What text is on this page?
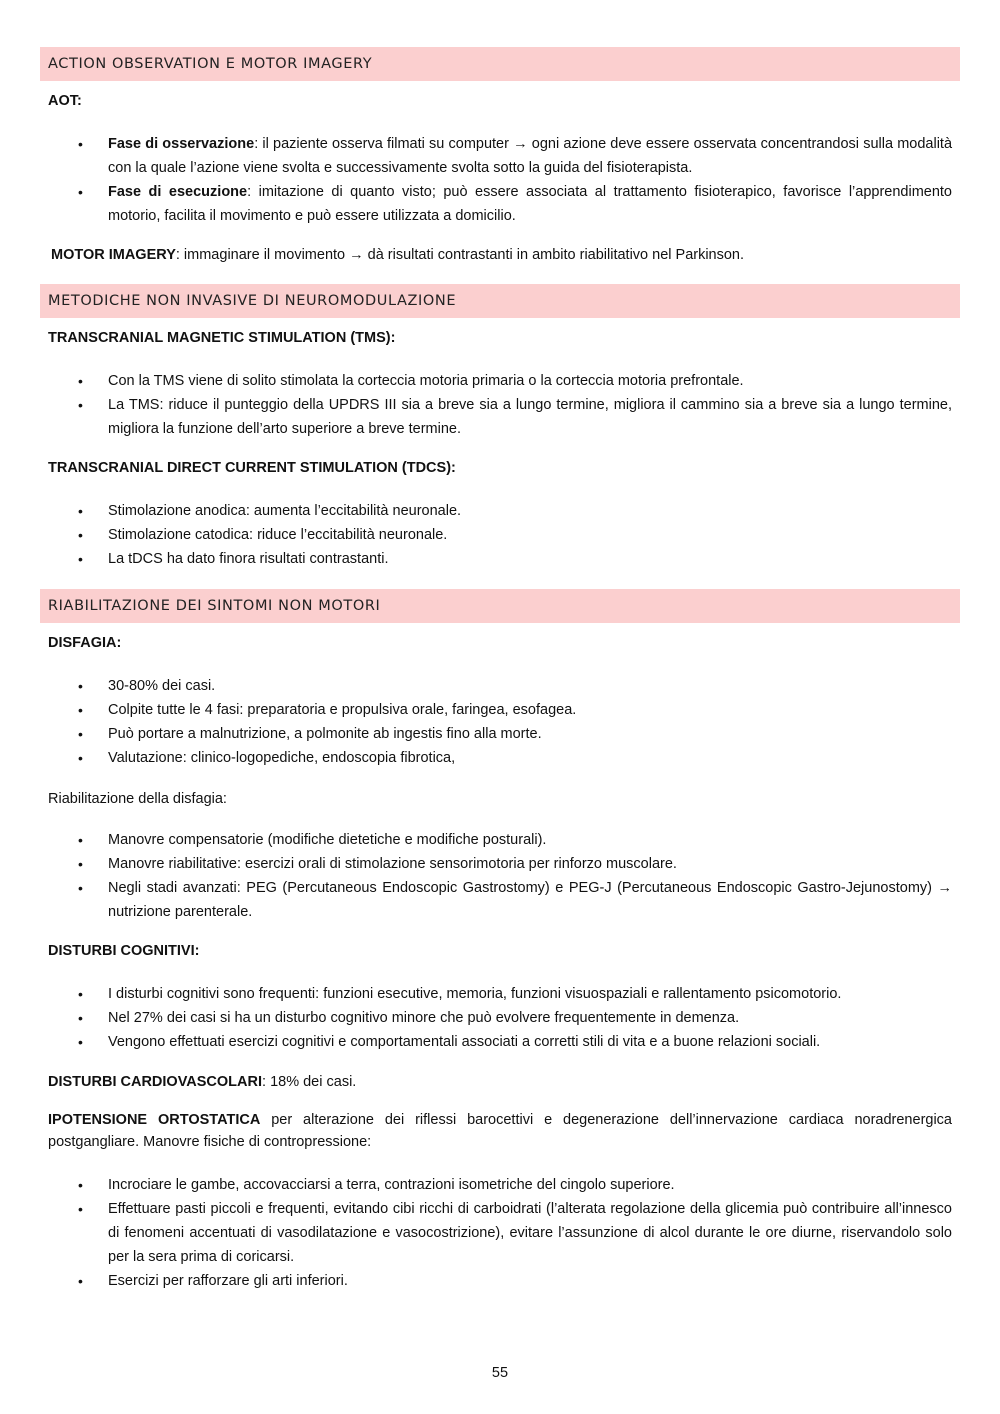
ACTION OBSERVATION E MOTOR IMAGERY

AOT:

• Fase di osservazione: il paziente osserva filmati su computer → ogni azione deve essere osservata concentrandosi sulla modalità con la quale l’azione viene svolta e successivamente svolta sotto la guida del fisioterapista.
• Fase di esecuzione: imitazione di quanto visto; può essere associata al trattamento fisioterapico, favorisce l’apprendimento motorio, facilita il movimento e può essere utilizzata a domicilio.

MOTOR IMAGERY: immaginare il movimento → dà risultati contrastanti in ambito riabilitativo nel Parkinson.

METODICHE NON INVASIVE DI NEUROMODULAZIONE

TRANSCRANIAL MAGNETIC STIMULATION (TMS):

• Con la TMS viene di solito stimolata la corteccia motoria primaria o la corteccia motoria prefrontale.
• La TMS: riduce il punteggio della UPDRS III sia a breve sia a lungo termine, migliora il cammino sia a breve sia a lungo termine, migliora la funzione dell’arto superiore a breve termine.

TRANSCRANIAL DIRECT CURRENT STIMULATION (TDCS):

• Stimolazione anodica: aumenta l’eccitabilità neuronale.
• Stimolazione catodica: riduce l’eccitabilità neuronale.
• La tDCS ha dato finora risultati contrastanti.
RIABILITAZIONE DEI SINTOMI NON MOTORI

DISFAGIA:

• 30-80% dei casi.
• Colpite tutte le 4 fasi: preparatoria e propulsiva orale, faringea, esofagea.
• Può portare a malnutrizione, a polmonite ab ingestis fino alla morte.
• Valutazione: clinico-logopediche, endoscopia fibrotica,

Riabilitazione della disfagia:

• Manovre compensatorie (modifiche dietetiche e modifiche posturali).
• Manovre riabilitative: esercizi orali di stimolazione sensorimotoria per rinforzo muscolare.
• Negli stadi avanzati: PEG (Percutaneous Endoscopic Gastrostomy) e PEG-J (Percutaneous Endoscopic Gastro-Jejunostomy) → nutrizione parenterale.

DISTURBI COGNITIVI:

• I disturbi cognitivi sono frequenti: funzioni esecutive, memoria, funzioni visuospaziali e rallentamento psicomotorio.
• Nel 27% dei casi si ha un disturbo cognitivo minore che può evolvere frequentemente in demenza.
• Vengono effettuati esercizi cognitivi e comportamentali associati a corretti stili di vita e a buone relazioni sociali.

DISTURBI CARDIOVASCOLARI: 18% dei casi.

IPOTENSIONE ORTOSTATICA per alterazione dei riflessi barocettivi e degenerazione dell’innervazione cardiaca noradrenergica postgangliare. Manovre fisiche di contropressione:

• Incrociare le gambe, accovacciarsi a terra, contrazioni isometriche del cingolo superiore.
• Effettuare pasti piccoli e frequenti, evitando cibi ricchi di carboidrati (l’alterata regolazione della glicemia può contribuire all’innesco di fenomeni accentuati di vasodilatazione e vasocostrizione), evitare l’assunzione di alcol durante le ore diurne, riservandolo solo per la sera prima di coricarsi.
• Esercizi per rafforzare gli arti inferiori.
55
